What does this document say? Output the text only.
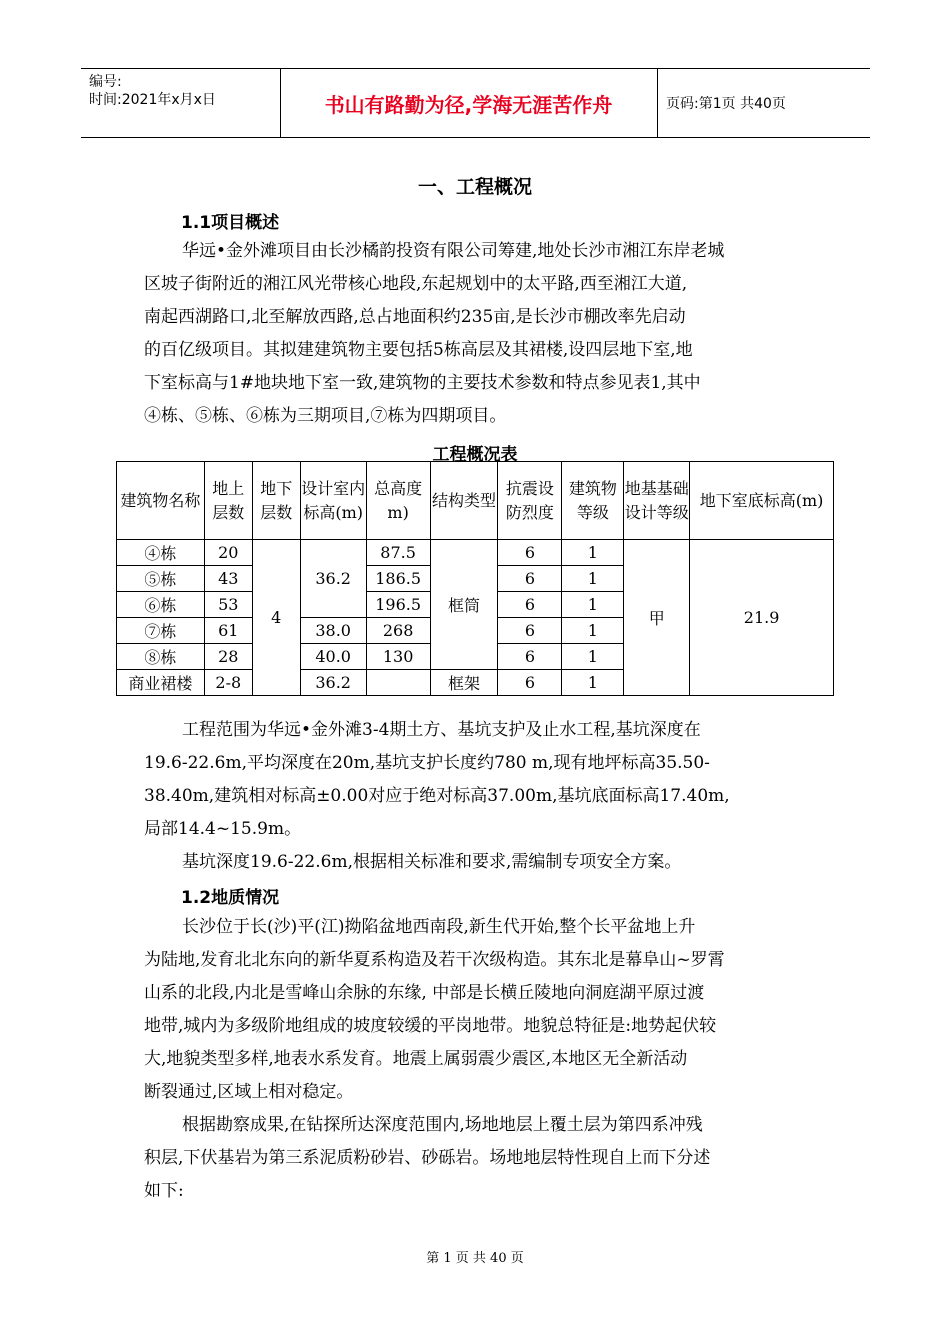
编号:
时间:2021年x月x日	书山有路勤为径,学海无涯苦作舟	页码:第1页 共40页
一、工程概况
1.1项目概述
华远•金外滩项目由长沙橘韵投资有限公司筹建,地处长沙市湘江东岸老城
区坡子街附近的湘江风光带核心地段,东起规划中的太平路,西至湘江大道,
南起西湖路口,北至解放西路,总占地面积约235亩,是长沙市棚改率先启动
的百亿级项目。其拟建建筑物主要包括5栋高层及其裙楼,设四层地下室,地
下室标高与1#地块地下室一致,建筑物的主要技术参数和特点参见表1,其中
④栋、⑤栋、⑥栋为三期项目,⑦栋为四期项目。
工程概况表
建筑物名称	地上层数	地下层数	设计室内标高(m)	总高度m)	结构类型	抗震设防烈度	建筑物等级	地基基础设计等级	地下室底标高(m)
④栋	20	4	36.2	87.5	框筒	6	1	甲	21.9
⑤栋	43			186.5		6	1		
⑥栋	53			196.5		6	1		
⑦栋	61		38.0	268		6	1		
⑧栋	28		40.0	130		6	1		
商业裙楼	2-8		36.2		框架	6	1		
工程范围为华远•金外滩3-4期土方、基坑支护及止水工程,基坑深度在
19.6-22.6m,平均深度在20m,基坑支护长度约780 m,现有地坪标高35.50-
38.40m,建筑相对标高±0.00对应于绝对标高37.00m,基坑底面标高17.40m,
局部14.4~15.9m。
基坑深度19.6-22.6m,根据相关标准和要求,需编制专项安全方案。
1.2地质情况
长沙位于长(沙)平(江)拗陷盆地西南段,新生代开始,整个长平盆地上升
为陆地,发育北北东向的新华夏系构造及若干次级构造。其东北是幕阜山~罗霄
山系的北段,内北是雪峰山余脉的东缘, 中部是长横丘陵地向洞庭湖平原过渡
地带,城内为多级阶地组成的坡度较缓的平岗地带。地貌总特征是:地势起伏较
大,地貌类型多样,地表水系发育。地震上属弱震少震区,本地区无全新活动
断裂通过,区域上相对稳定。
根据勘察成果,在钻探所达深度范围内,场地地层上覆土层为第四系冲残
积层,下伏基岩为第三系泥质粉砂岩、砂砾岩。场地地层特性现自上而下分述
如下:
第 1 页 共 40 页
